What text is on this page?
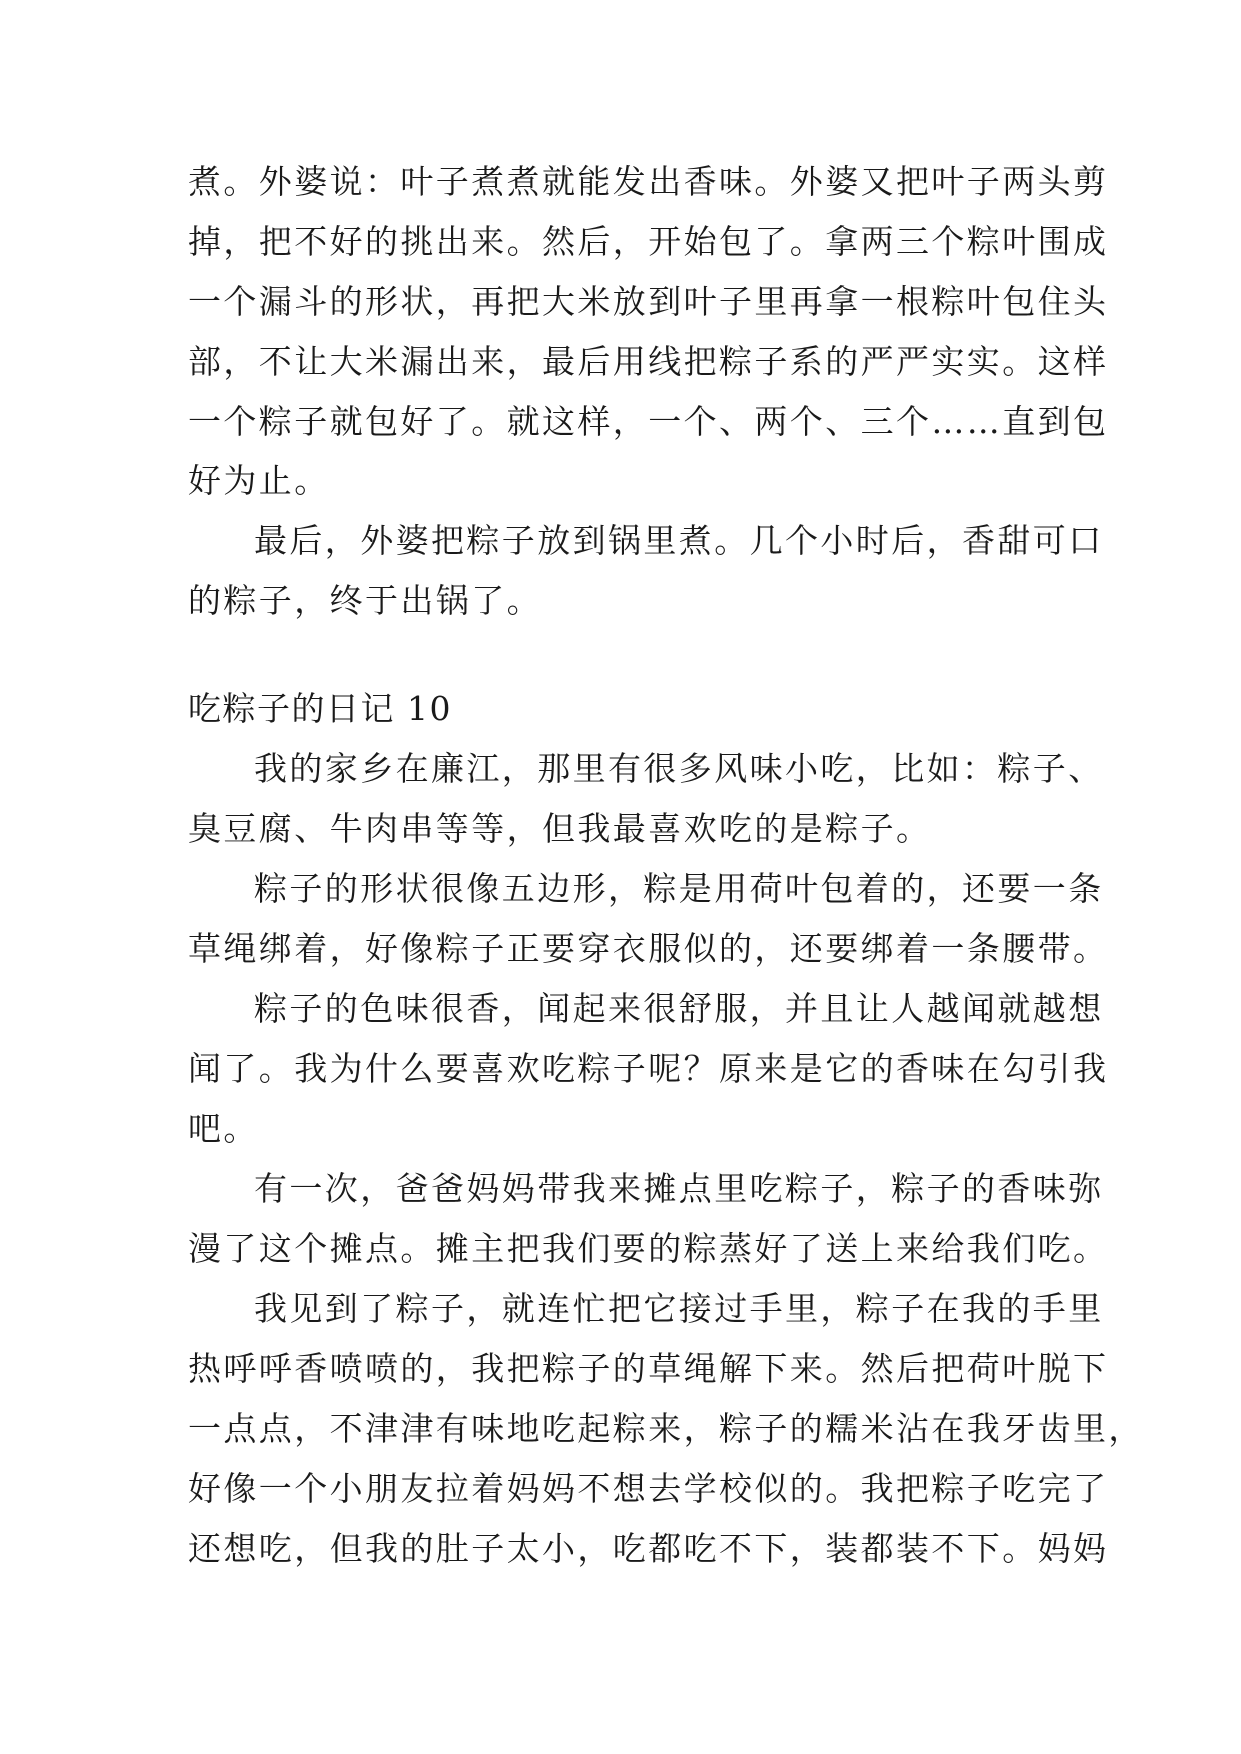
煮。外婆说：叶子煮煮就能发出香味。外婆又把叶子两头剪
掉，把不好的挑出来。然后，开始包了。拿两三个粽叶围成
一个漏斗的形状，再把大米放到叶子里再拿一根粽叶包住头
部，不让大米漏出来，最后用线把粽子系的严严实实。这样
一个粽子就包好了。就这样，一个、两个、三个……直到包
好为止。
最后，外婆把粽子放到锅里煮。几个小时后，香甜可口
的粽子，终于出锅了。
吃粽子的日记 10
我的家乡在廉江，那里有很多风味小吃，比如：粽子、
臭豆腐、牛肉串等等，但我最喜欢吃的是粽子。
粽子的形状很像五边形，粽是用荷叶包着的，还要一条
草绳绑着，好像粽子正要穿衣服似的，还要绑着一条腰带。
粽子的色味很香，闻起来很舒服，并且让人越闻就越想
闻了。我为什么要喜欢吃粽子呢？原来是它的香味在勾引我
吧。
有一次，爸爸妈妈带我来摊点里吃粽子，粽子的香味弥
漫了这个摊点。摊主把我们要的粽蒸好了送上来给我们吃。
我见到了粽子，就连忙把它接过手里，粽子在我的手里
热呼呼香喷喷的，我把粽子的草绳解下来。然后把荷叶脱下
一点点，不津津有味地吃起粽来，粽子的糯米沾在我牙齿里，
好像一个小朋友拉着妈妈不想去学校似的。我把粽子吃完了
还想吃，但我的肚子太小，吃都吃不下，装都装不下。妈妈
